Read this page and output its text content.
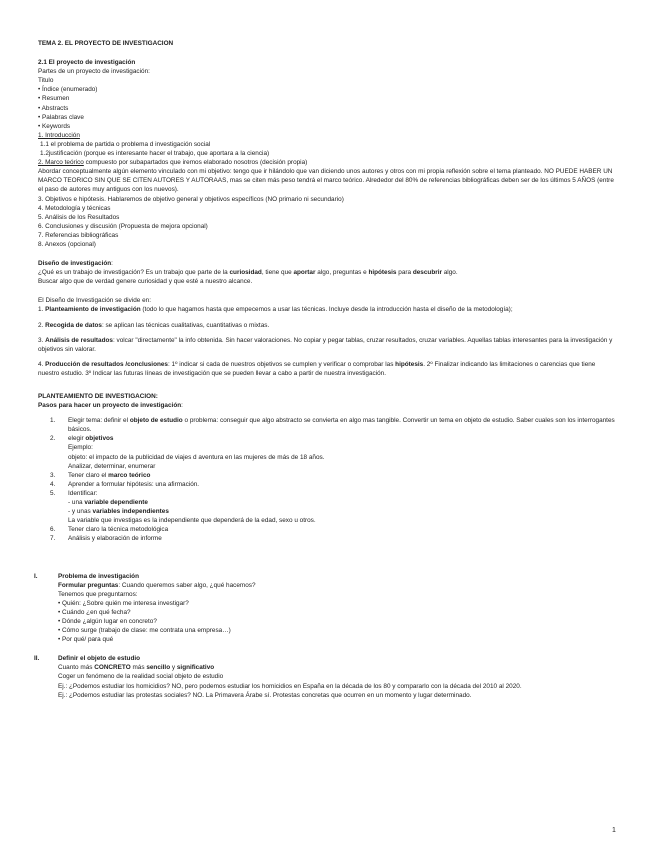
TEMA 2. EL PROYECTO DE INVESTIGACION

2.1 El proyecto de investigación

Partes de un proyecto de investigación:

Titulo

• Índice (enumerado)

• Resumen

• Abstracts

• Palabras clave

• Keywords

1. Introducción

1.1 el problema de partida o problema d investigación social

1.2justificación (porque es interesante hacer el trabajo, que aportara a la ciencia)

2. Marco teórico compuesto por subapartados que iremos elaborado nosotros (decisión propia)

Abordar conceptualmente algún elemento vinculado con mi objetivo: tengo que ir hilándolo que van diciendo unos autores y otros con mi propia reflexión sobre el tema planteado. NO PUEDE HABER UN MARCO TEORICO SIN QUE SE CITEN AUTORES Y AUTORAAS, mas se citen más peso tendrá el marco teórico. Alrededor del 80% de referencias bibliográficas deben ser de los últimos 5 AÑOS (entre el paso de autores muy antiguos con los nuevos).

3. Objetivos e hipótesis. Hablaremos de objetivo general y objetivos específicos (NO primario ni secundario)

4. Metodología y técnicas

5. Análisis de los Resultados

6. Conclusiones y discusión (Propuesta de mejora opcional)

7. Referencias bibliográficas

8. Anexos (opcional)

Diseño de investigación:

¿Qué es un trabajo de investigación? Es un trabajo que parte de la curiosidad, tiene que aportar algo, preguntas e hipótesis para descubrir algo.

Buscar algo que de verdad genere curiosidad y que esté a nuestro alcance.

El Diseño de Investigación se divide en:

1. Planteamiento de investigación (todo lo que hagamos hasta que empecemos a usar las técnicas. Incluye desde la introducción hasta el diseño de la metodología);

2. Recogida de datos: se aplican las técnicas cualitativas, cuantitativas o mixtas.

3. Análisis de resultados: volcar "directamente" la info obtenida. Sin hacer valoraciones. No copiar y pegar tablas, cruzar resultados, cruzar variables. Aquellas tablas interesantes para la investigación y objetivos sin valorar.

4. Producción de resultados /conclusiones: 1º indicar si cada de nuestros objetivos se cumplen y verificar o comprobar las hipótesis. 2º Finalizar indicando las limitaciones o carencias que tiene nuestro estudio. 3º Indicar las futuras líneas de investigación que se pueden llevar a cabo a partir de nuestra investigación.

PLANTEAMIENTO DE INVESTIGACION:

Pasos para hacer un proyecto de investigación:

1. Elegir tema: definir el objeto de estudio o problema: conseguir que algo abstracto se convierta en algo mas tangible. Convertir un tema en objeto de estudio. Saber cuales son los interrogantes básicos.
2. elegir objetivos

Ejemplo:

objeto: el impacto de la publicidad de viajes d aventura en las mujeres de más de 18 años.

Analizar, determinar, enumerar

3. Tener claro el marco teórico
4. Aprender a formular hipótesis: una afirmación.
5. Identificar:

- una variable dependiente

- y unas variables independientes

La variable que investigas es la independiente que dependerá de la edad, sexo u otros.

6. Tener claro la técnica metodológica
7. Análisis y elaboración de informe
I.	Problema de investigación

Formular preguntas: Cuando queremos saber algo, ¿qué hacemos?

Tenemos que preguntarnos:

• Quién: ¿Sobre quién me interesa investigar?

• Cuándo ¿en qué fecha?

• Dónde ¿algún lugar en concreto?

• Cómo surge (trabajo de clase: me contrata una empresa…)

• Por qué/ para qué

II.	Definir el objeto de estudio

Cuanto más CONCRETO más sencillo y significativo

Coger un fenómeno de la realidad social objeto de estudio

Ej.: ¿Podemos estudiar los homicidios? NO, pero podemos estudiar los homicidios en España en la década de los 80 y compararlo con la década del 2010 al 2020.

Ej.: ¿Podemos estudiar las protestas sociales? NO. La Primavera Árabe sí. Protestas concretas que ocurren en un momento y lugar determinado.

1
